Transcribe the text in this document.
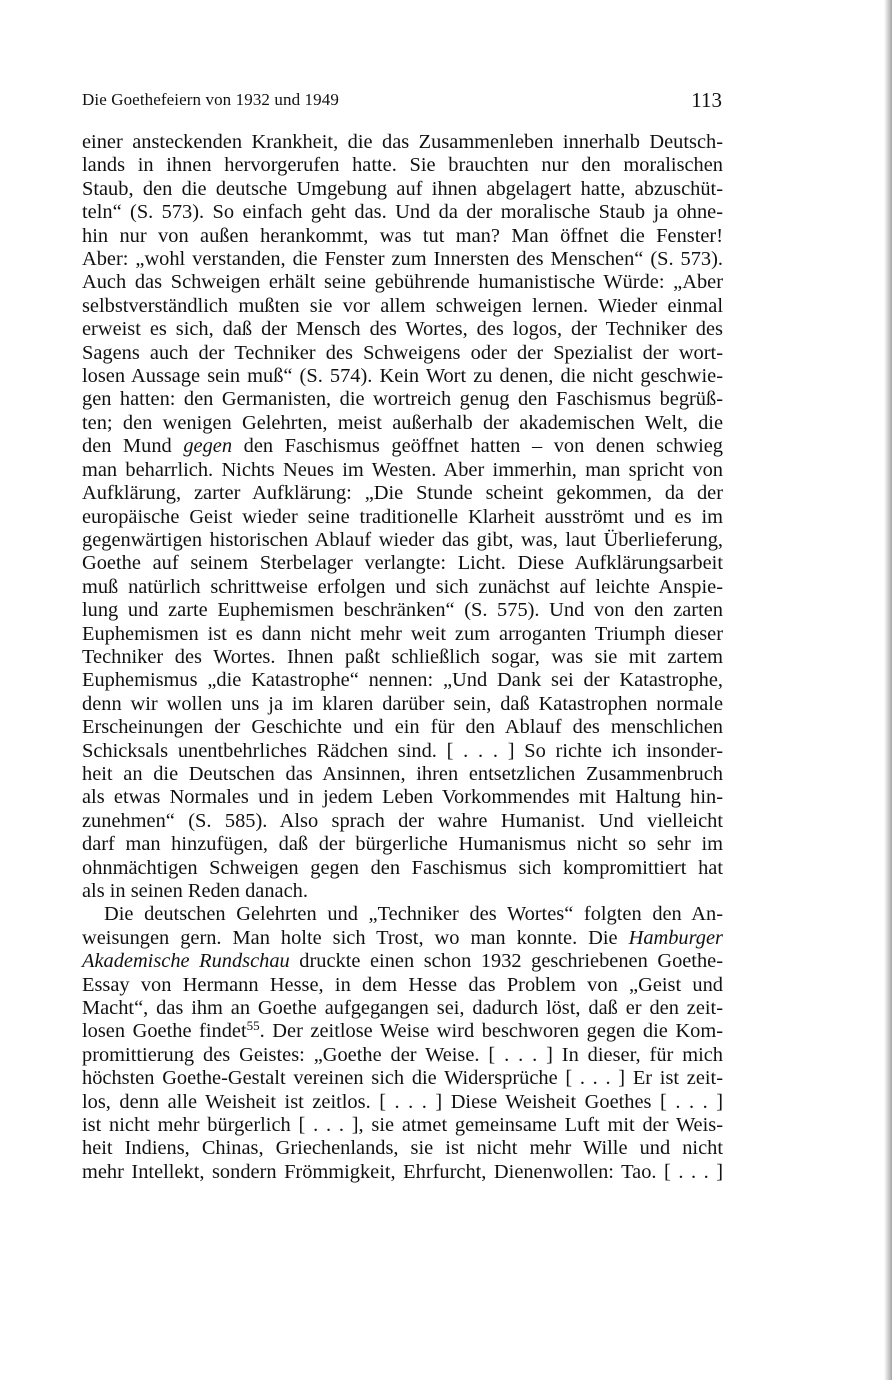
Die Goethefeiern von 1932 und 1949	113
einer ansteckenden Krankheit, die das Zusammenleben innerhalb Deutsch-
lands in ihnen hervorgerufen hatte. Sie brauchten nur den moralischen
Staub, den die deutsche Umgebung auf ihnen abgelagert hatte, abzuschüt-
teln“ (S. 573). So einfach geht das. Und da der moralische Staub ja ohne-
hin nur von außen herankommt, was tut man? Man öffnet die Fenster!
Aber: „wohl verstanden, die Fenster zum Innersten des Menschen“ (S. 573).
Auch das Schweigen erhält seine gebührende humanistische Würde: „Aber
selbstverständlich mußten sie vor allem schweigen lernen. Wieder einmal
erweist es sich, daß der Mensch des Wortes, des logos, der Techniker des
Sagens auch der Techniker des Schweigens oder der Spezialist der wort-
losen Aussage sein muß“ (S. 574). Kein Wort zu denen, die nicht geschwie-
gen hatten: den Germanisten, die wortreich genug den Faschismus begrüß-
ten; den wenigen Gelehrten, meist außerhalb der akademischen Welt, die
den Mund gegen den Faschismus geöffnet hatten – von denen schwieg
man beharrlich. Nichts Neues im Westen. Aber immerhin, man spricht von
Aufklärung, zarter Aufklärung: „Die Stunde scheint gekommen, da der
europäische Geist wieder seine traditionelle Klarheit ausströmt und es im
gegenwärtigen historischen Ablauf wieder das gibt, was, laut Überlieferung,
Goethe auf seinem Sterbelager verlangte: Licht. Diese Aufklärungsarbeit
muß natürlich schrittweise erfolgen und sich zunächst auf leichte Anspie-
lung und zarte Euphemismen beschränken“ (S. 575). Und von den zarten
Euphemismen ist es dann nicht mehr weit zum arroganten Triumph dieser
Techniker des Wortes. Ihnen paßt schließlich sogar, was sie mit zartem
Euphemismus „die Katastrophe“ nennen: „Und Dank sei der Katastrophe,
denn wir wollen uns ja im klaren darüber sein, daß Katastrophen normale
Erscheinungen der Geschichte und ein für den Ablauf des menschlichen
Schicksals unentbehrliches Rädchen sind. [ . . . ] So richte ich insonder-
heit an die Deutschen das Ansinnen, ihren entsetzlichen Zusammenbruch
als etwas Normales und in jedem Leben Vorkommendes mit Haltung hin-
zunehmen“ (S. 585). Also sprach der wahre Humanist. Und vielleicht
darf man hinzufügen, daß der bürgerliche Humanismus nicht so sehr im
ohnmächtigen Schweigen gegen den Faschismus sich kompromittiert hat
als in seinen Reden danach.
Die deutschen Gelehrten und „Techniker des Wortes“ folgten den An-
weisungen gern. Man holte sich Trost, wo man konnte. Die Hamburger
Akademische Rundschau druckte einen schon 1932 geschriebenen Goethe-
Essay von Hermann Hesse, in dem Hesse das Problem von „Geist und
Macht“, das ihm an Goethe aufgegangen sei, dadurch löst, daß er den zeit-
losen Goethe findet$^{55}$. Der zeitlose Weise wird beschworen gegen die Kom-
promittierung des Geistes: „Goethe der Weise. [ . . . ] In dieser, für mich
höchsten Goethe-Gestalt vereinen sich die Widersprüche [ . . . ] Er ist zeit-
los, denn alle Weisheit ist zeitlos. [ . . . ] Diese Weisheit Goethes [ . . . ]
ist nicht mehr bürgerlich [ . . . ], sie atmet gemeinsame Luft mit der Weis-
heit Indiens, Chinas, Griechenlands, sie ist nicht mehr Wille und nicht
mehr Intellekt, sondern Frömmigkeit, Ehrfurcht, Dienenwollen: Tao. [ . . . ]
